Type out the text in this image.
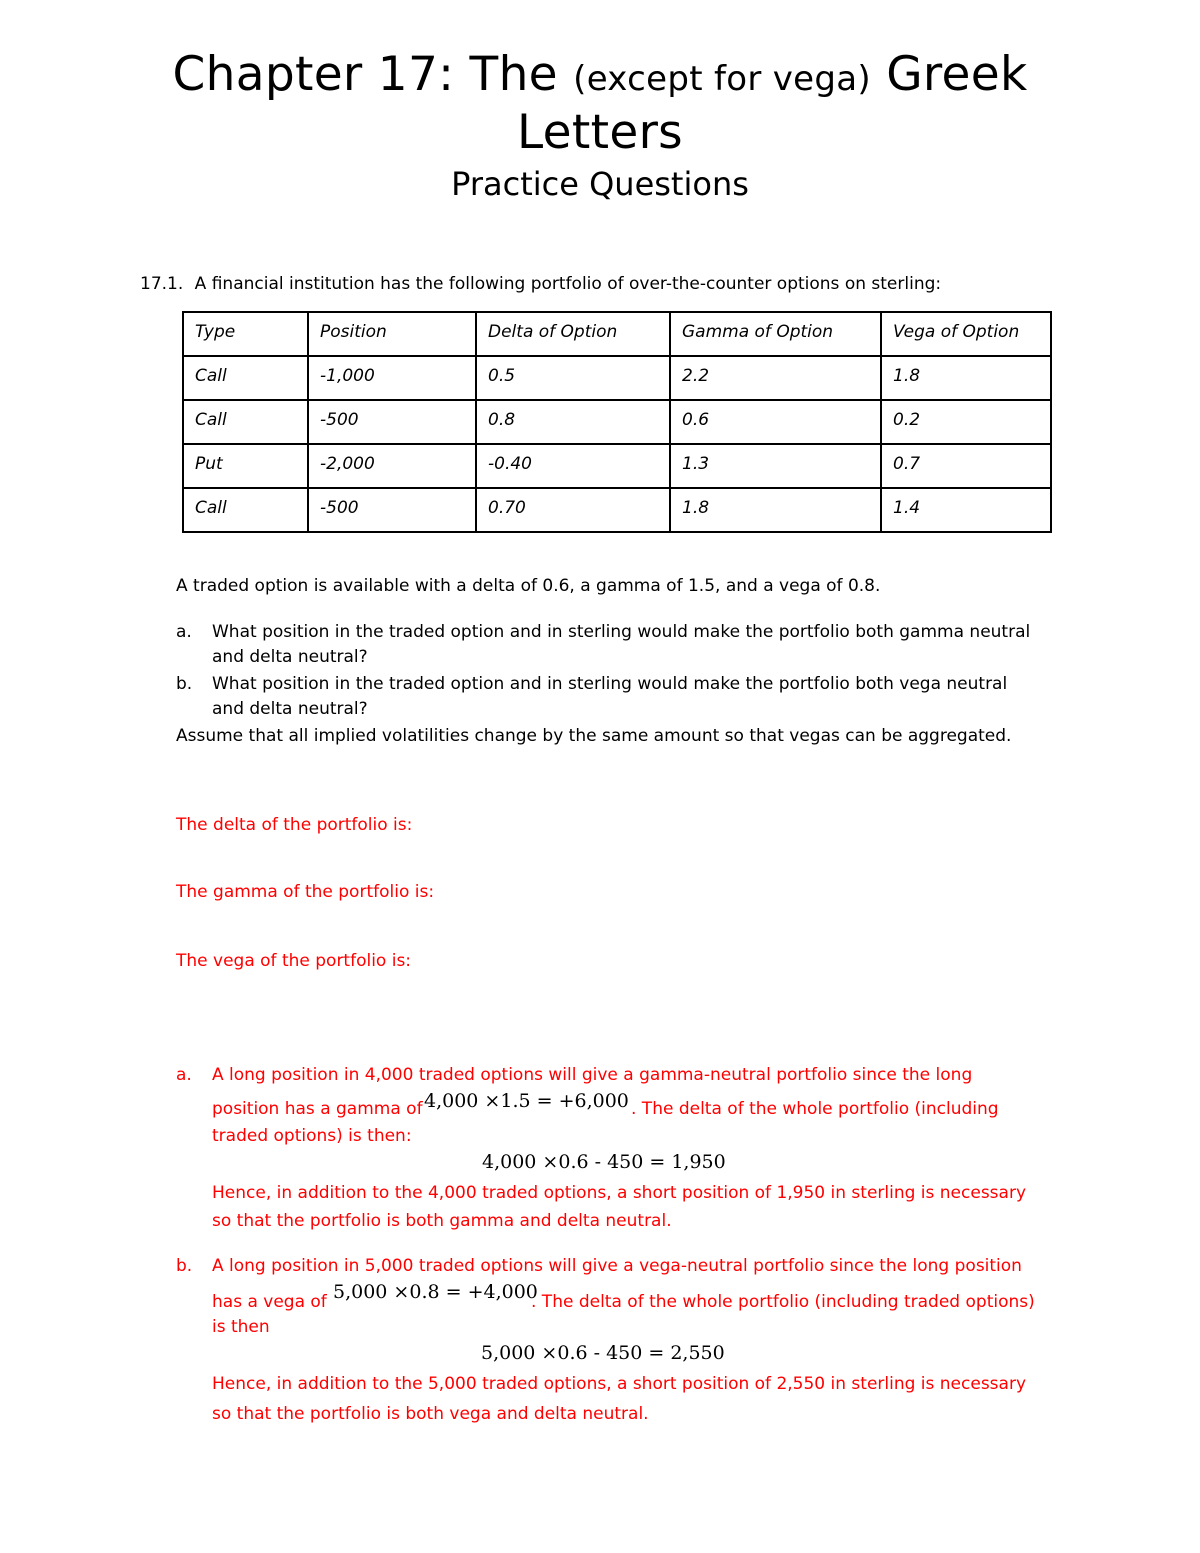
Chapter 17: The (except for vega) Greek
Letters
Practice Questions
17.1. A financial institution has the following portfolio of over-the-counter options on sterling:
Type	Position	Delta of Option	Gamma of Option	Vega of Option
Call	-1,000	0.5	2.2	1.8
Call	-500	0.8	0.6	0.2
Put	-2,000	-0.40	1.3	0.7
Call	-500	0.70	1.8	1.4
A traded option is available with a delta of 0.6, a gamma of 1.5, and a vega of 0.8.
a. What position in the traded option and in sterling would make the portfolio both gamma neutral
and delta neutral?
b. What position in the traded option and in sterling would make the portfolio both vega neutral
and delta neutral?
Assume that all implied volatilities change by the same amount so that vegas can be aggregated.
The delta of the portfolio is:
The gamma of the portfolio is:
The vega of the portfolio is:
a. A long position in 4,000 traded options will give a gamma-neutral portfolio since the long
position has a gamma of 4,000 ×1.5 = +6,000 . The delta of the whole portfolio (including
traded options) is then:
4,000 ×0.6 - 450 = 1,950
Hence, in addition to the 4,000 traded options, a short position of 1,950 in sterling is necessary
so that the portfolio is both gamma and delta neutral.
b. A long position in 5,000 traded options will give a vega-neutral portfolio since the long position
has a vega of 5,000 ×0.8 = +4,000
. The delta of the whole portfolio (including traded options)
is then
5,000 ×0.6 - 450 = 2,550
Hence, in addition to the 5,000 traded options, a short position of 2,550 in sterling is necessary
so that the portfolio is both vega and delta neutral.
